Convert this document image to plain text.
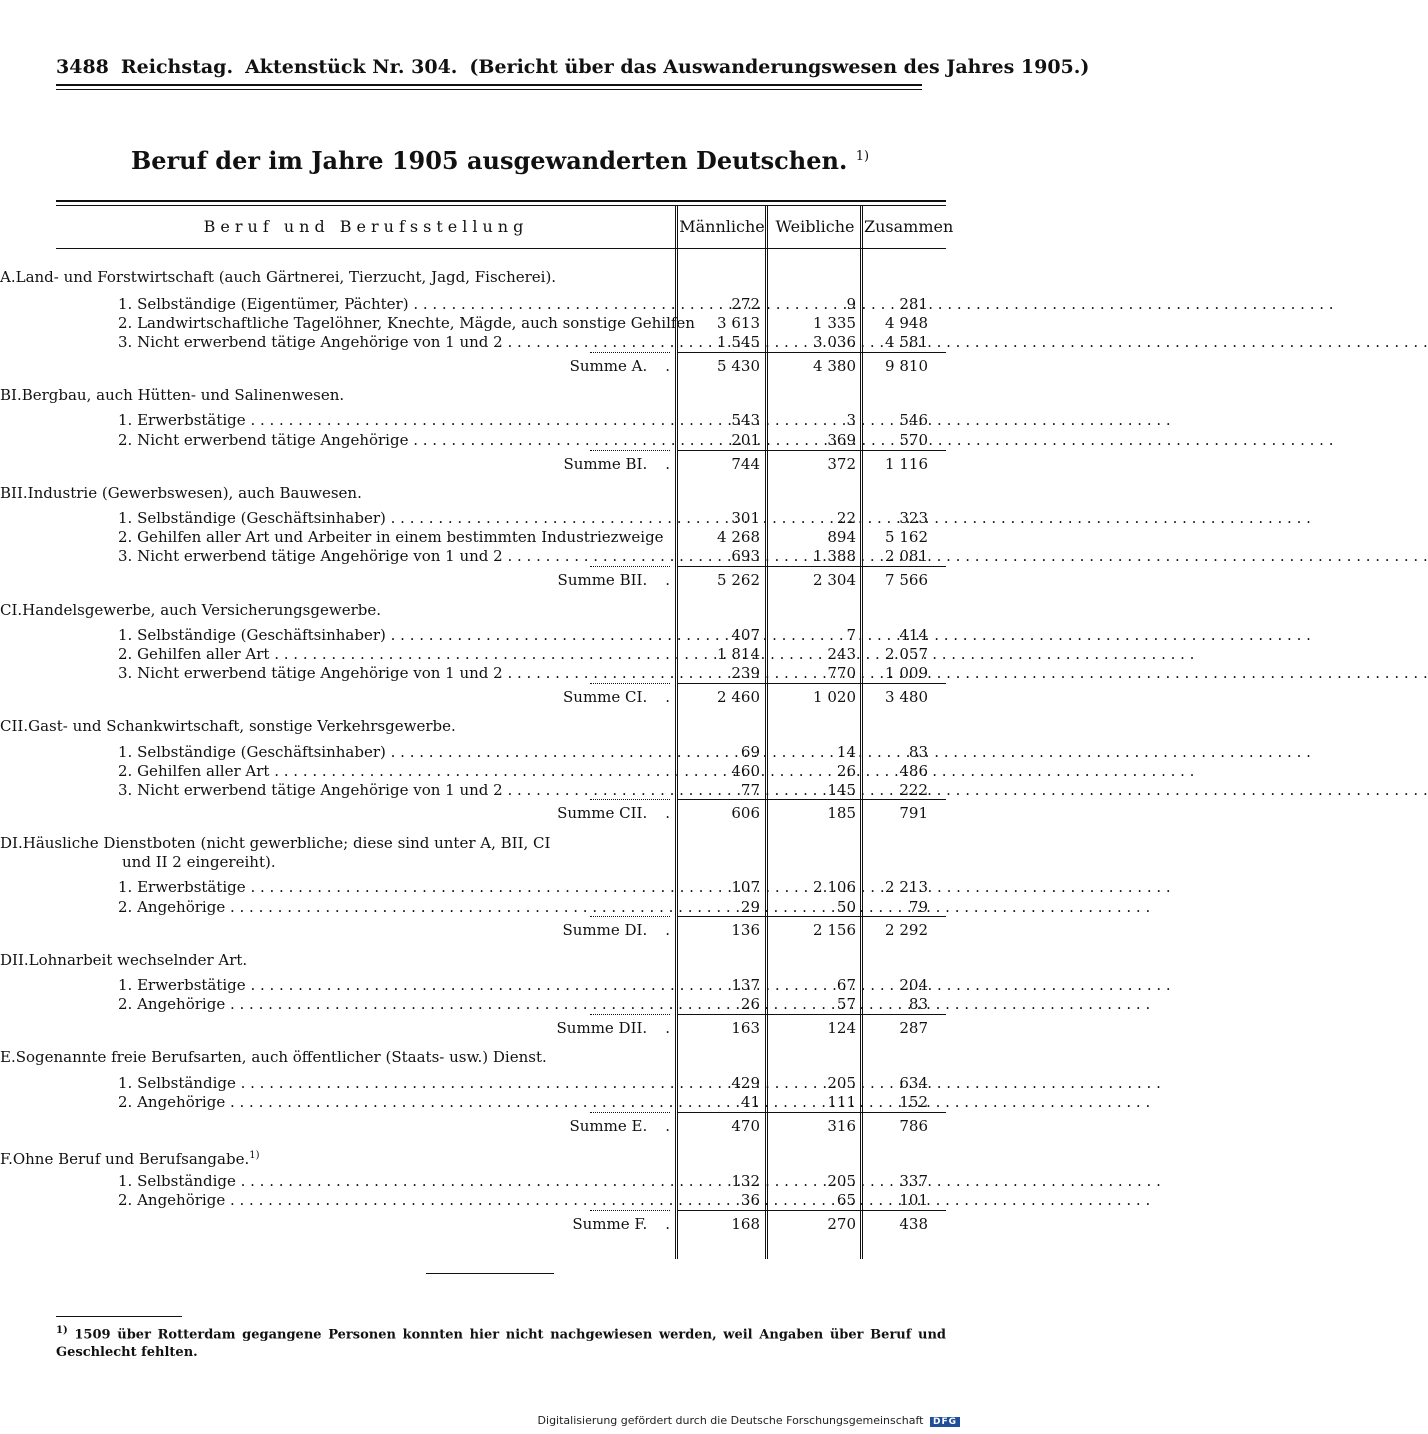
3488 Reichstag. Aktenstück Nr. 304. (Bericht über das Auswanderungswesen des Jahres 1905.)
Beruf der im Jahre 1905 ausgewanderten Deutschen. $^{1)}$
Beruf und Berufsstellung	Männliche Weibliche Zusammen
A.Land- und Forstwirtschaft (auch Gärtnerei, Tierzucht, Jagd, Fischerei).
1. Selbständige (Eigentümer, Pächter) . . .	272	9	281
2. Landwirtschaftliche Tagelöhner, Knechte, Mägde, auch sonstige Gehilfen	3 613	1 335	4 948
3. Nicht erwerbend tätige Angehörige von 1 und 2 . . .	1 545	3 036	4 581
Summe A. .	5 430	4 380	9 810
BI.Bergbau, auch Hütten- und Salinenwesen.
1. Erwerbstätige . . .	543	3	546
2. Nicht erwerbend tätige Angehörige . . .	201	369	570
Summe BI. .	744	372	1 116
BII.Industrie (Gewerbswesen), auch Bauwesen.
1. Selbständige (Geschäftsinhaber) . . .	301	22	323
2. Gehilfen aller Art und Arbeiter in einem bestimmten Industriezweige	4 268	894	5 162
3. Nicht erwerbend tätige Angehörige von 1 und 2 . . .	693	1 388	2 081
Summe BII. .	5 262	2 304	7 566
CI.Handelsgewerbe, auch Versicherungsgewerbe.
1. Selbständige (Geschäftsinhaber) . . .	407	7	414
2. Gehilfen aller Art . . .	1 814	243	2 057
3. Nicht erwerbend tätige Angehörige von 1 und 2 . . .	239	770	1 009
Summe CI. .	2 460	1 020	3 480
CII.Gast- und Schankwirtschaft, sonstige Verkehrsgewerbe.
1. Selbständige (Geschäftsinhaber) . . .	69	14	83
2. Gehilfen aller Art . . .	460	26	486
3. Nicht erwerbend tätige Angehörige von 1 und 2 . . .	77	145	222
Summe CII. .	606	185	791
DI.Häusliche Dienstboten (nicht gewerbliche; diese sind unter A, BII, CI
und II 2 eingereiht).
1. Erwerbstätige . . .	107	2 106	2 213
2. Angehörige . . .	29	50	79
Summe DI. .	136	2 156	2 292
DII.Lohnarbeit wechselnder Art.
1. Erwerbstätige . . .	137	67	204
2. Angehörige . . .	26	57	83
Summe DII. .	163	124	287
E.Sogenannte freie Berufsarten, auch öffentlicher (Staats- usw.) Dienst.
1. Selbständige . . .	429	205	634
2. Angehörige . . .	41	111	152
Summe E. .	470	316	786
F.Ohne Beruf und Berufsangabe.$^{1)}$
1. Selbständige . . .	132	205	337
2. Angehörige . . .	36	65	101
Summe F. .	168	270	438
$^{1)}$ 1509 über Rotterdam gegangene Personen konnten hier nicht nachgewiesen werden, weil Angaben über Beruf und Geschlecht fehlten.
Digitalisierung gefördert durch die Deutsche Forschungsgemeinschaft DFG
